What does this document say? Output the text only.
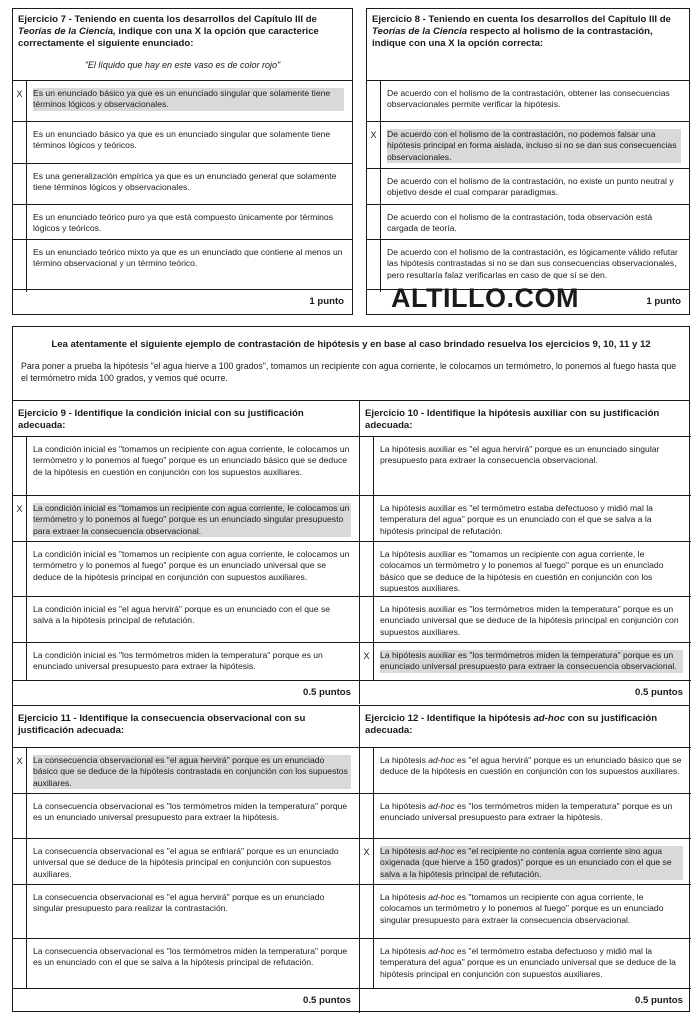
Ejercicio 7 - Teniendo en cuenta los desarrollos del Capítulo III de Teorías de la Ciencia, indique con una X la opción que caracterice correctamente el siguiente enunciado:
"El líquido que hay en este vaso es de color rojo"
X	Es un enunciado básico ya que es un enunciado singular que solamente tiene términos lógicos y observacionales.
Es un enunciado básico ya que es un enunciado singular que solamente tiene términos lógicos y teóricos.
Es una generalización empírica ya que es un enunciado general que solamente tiene términos lógicos y observacionales.
Es un enunciado teórico puro ya que está compuesto únicamente por términos lógicos y teóricos.
Es un enunciado teórico mixto ya que es un enunciado que contiene al menos un término observacional y un término teórico.
1 punto
Ejercicio 8 - Teniendo en cuenta los desarrollos del Capítulo III de Teorías de la Ciencia respecto al holismo de la contrastación, indique con una X la opción correcta:
De acuerdo con el holismo de la contrastación, obtener las consecuencias observacionales permite verificar la hipótesis.
X	De acuerdo con el holismo de la contrastación, no podemos falsar una hipótesis principal en forma aislada, incluso si no se dan sus consecuencias observacionales.
De acuerdo con el holismo de la contrastación, no existe un punto neutral y objetivo desde el cual comparar paradigmas.
De acuerdo con el holismo de la contrastación, toda observación está cargada de teoría.
De acuerdo con el holismo de la contrastación, es lógicamente válido refutar las hipótesis contrastadas si no se dan sus consecuencias observacionales, pero resultaría falaz verificarlas en caso de que sí se den.
1 punto
ALTILLO.COM
Lea atentamente el siguiente ejemplo de contrastación de hipótesis y en base al caso brindado resuelva los ejercicios 9, 10, 11 y 12
Para poner a prueba la hipótesis "el agua hierve a 100 grados", tomamos un recipiente con agua corriente, le colocamos un termómetro, lo ponemos al fuego hasta que el termómetro mida 100 grados, y vemos qué ocurre.
Ejercicio 9 - Identifique la condición inicial con su justificación adecuada:
La condición inicial es "tomamos un recipiente con agua corriente, le colocamos un termómetro y lo ponemos al fuego" porque es un enunciado básico que se deduce de la hipótesis en cuestión en conjunción con los supuestos auxiliares.
X	La condición inicial es "tomamos un recipiente con agua corriente, le colocamos un termómetro y lo ponemos al fuego" porque es un enunciado singular presupuesto para extraer la consecuencia observacional.
La condición inicial es "tomamos un recipiente con agua corriente, le colocamos un termómetro y lo ponemos al fuego" porque es un enunciado universal que se deduce de la hipótesis principal en conjunción con supuestos auxiliares.
La condición inicial es "el agua hervirá" porque es un enunciado con el que se salva a la hipótesis principal de refutación.
La condición inicial es "los termómetros miden la temperatura" porque es un enunciado universal presupuesto para extraer la hipótesis.
0.5 puntos
Ejercicio 10 - Identifique la hipótesis auxiliar con su justificación adecuada:
La hipótesis auxiliar es "el agua hervirá" porque es un enunciado singular presupuesto para extraer la consecuencia observacional.
La hipótesis auxiliar es "el termómetro estaba defectuoso y midió mal la temperatura del agua" porque es un enunciado con el que se salva a la hipótesis principal de refutación.
La hipótesis auxiliar es "tomamos un recipiente con agua corriente, le colocamos un termómetro y lo ponemos al fuego" porque es un enunciado básico que se deduce de la hipótesis en cuestión en conjunción con los supuestos auxiliares.
La hipótesis auxiliar es "los termómetros miden la temperatura" porque es un enunciado universal que se deduce de la hipótesis principal en conjunción con supuestos auxiliares.
X	La hipótesis auxiliar es "los termómetros miden la temperatura" porque es un enunciado universal presupuesto para extraer la consecuencia observacional.
0.5 puntos
Ejercicio 11 - Identifique la consecuencia observacional con su justificación adecuada:
X	La consecuencia observacional es "el agua hervirá" porque es un enunciado básico que se deduce de la hipótesis contrastada en conjunción con los supuestos auxiliares.
La consecuencia observacional es "los termómetros miden la temperatura" porque es un enunciado universal presupuesto para extraer la hipótesis.
La consecuencia observacional es "el agua se enfriará" porque es un enunciado universal que se deduce de la hipótesis principal en conjunción con supuestos auxiliares.
La consecuencia observacional es "el agua hervirá" porque es un enunciado singular presupuesto para realizar la contrastación.
La consecuencia observacional es "los termómetros miden la temperatura" porque es un enunciado con el que se salva a la hipótesis principal de refutación.
0.5 puntos
Ejercicio 12 - Identifique la hipótesis ad-hoc con su justificación adecuada:
La hipótesis ad-hoc es "el agua hervirá" porque es un enunciado básico que se deduce de la hipótesis en cuestión en conjunción con los supuestos auxiliares.
La hipótesis ad-hoc es "los termómetros miden la temperatura" porque es un enunciado universal presupuesto para extraer la hipótesis.
X	La hipótesis ad-hoc es "el recipiente no contenía agua corriente sino agua oxigenada (que hierve a 150 grados)" porque es un enunciado con el que se salva a la hipótesis principal de refutación.
La hipótesis ad-hoc es "tomamos un recipiente con agua corriente, le colocamos un termómetro y lo ponemos al fuego" porque es un enunciado singular presupuesto para extraer la consecuencia observacional.
La hipótesis ad-hoc es "el termómetro estaba defectuoso y midió mal la temperatura del agua" porque es un enunciado universal que se deduce de la hipótesis principal en conjunción con supuestos auxiliares.
0.5 puntos
